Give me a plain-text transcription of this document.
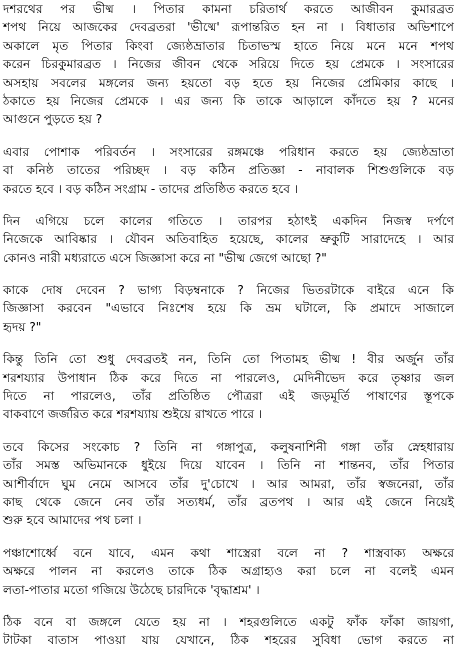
দশরথের পর ভীষ্ম । পিতার কামনা চরিতার্থ করতে আজীবন কুমারব্রত
শপথ নিয়ে আজকের দেবব্রতরা 'ভীষ্মে' রূপান্তরিত হন না । বিধাতার অভিশাপে
অকালে মৃত পিতার কিংবা জ্যেষ্ঠভ্রাতার চিতাভস্ম হাতে নিয়ে মনে মনে শপথ
করেন চিরকুমারব্রত । নিজের জীবন থেকে সরিয়ে দিতে হয় প্রেমকে । সংসারের
অসহায় সবলের মঙ্গলের জন্য হয়তো বড় হতে হয় নিজের প্রেমিকার কাছে ।
ঠকাতে হয় নিজের প্রেমকে । এর জন্য কি তাকে আড়ালে কাঁদতে হয় ? মনের
আগুনে পুড়তে হয় ?

এবার পোশাক পরিবর্তন । সংসারের রঙ্গমঞ্চে পরিধান করতে হয় জ্যেষ্ঠভ্রাতা
বা কনিষ্ঠ তাতের পরিচ্ছদ । বড় কঠিন প্রতিজ্ঞা - নাবালক শিশুগুলিকে বড়
করতে হবে । বড় কঠিন সংগ্রাম - তাদের প্রতিষ্ঠিত করতে হবে ।

দিন এগিয়ে চলে কালের গতিতে । তারপর হঠাৎই একদিন নিজস্ব দর্পণে
নিজেকে আবিষ্কার । যৌবন অতিবাহিত হয়েছে, কালের ভ্রুকুটি সারাদেহে । আর
কোনও নারী মধ্যরাতে এসে জিজ্ঞাসা করে না "ভীষ্ম জেগে আছো ?"

কাকে দোষ দেবেন ? ভাগ্য বিড়ম্বনাকে ? নিজের ভিতরটাকে বাইরে এনে কি
জিজ্ঞাসা করবেন "এভাবে নিঃশেষ হয়ে কি ভ্রম ঘটালে, কি প্রমাদে সাজালে
হৃদয় ?"

কিন্তু তিনি তো শুধু দেবব্রতই নন, তিনি তো পিতামহ ভীষ্ম ! বীর অর্জুন তাঁর
শরশয্যার উপাধান ঠিক করে দিতে না পারলেও, মেদিনীভেদ করে তৃষ্ণার জল
দিতে না পারলেও, তাঁর প্রতিষ্ঠিত পৌত্ররা এই জড়মূর্তি পাষাণের স্তূপকে
বাকবাণে জর্জরিত করে শরশয্যায় শুইয়ে রাখতে পারে ।

তবে কিসের সংকোচ ? তিনি না গঙ্গাপুত্র, কলুষনাশিনী গঙ্গা তাঁর স্নেহধারায়
তাঁর সমস্ত অভিমানকে ধুইয়ে দিয়ে যাবেন । তিনি না শান্তনব, তাঁর পিতার
আশীর্বাদে ঘুম নেমে আসবে তাঁর দু'চোখে । আর আমরা, তাঁর স্বজনেরা, তাঁর
কাছ থেকে জেনে নেব তাঁর সত্যধর্ম, তাঁর ব্রতপথ । আর এই জেনে নিয়েই
শুরু হবে আমাদের পথ চলা ।

পঞ্চাশোর্ধ্বে বনে যাবে, এমন কথা শাস্ত্রেরা বলে না ? শাস্ত্রবাক্য অক্ষরে
অক্ষরে পালন না করলেও তাকে ঠিক অগ্রাহ্যও করা চলে না বলেই এমন
লতা-পাতার মতো গজিয়ে উঠেছে চারদিকে 'বৃদ্ধাশ্রম' ।

ঠিক বনে বা জঙ্গলে যেতে হয় না । শহরগুলিতে একটু ফাঁক ফাঁকা জায়গা,
টাটকা বাতাস পাওয়া যায় যেখানে, ঠিক শহরের সুবিধা ভোগ করতে না
